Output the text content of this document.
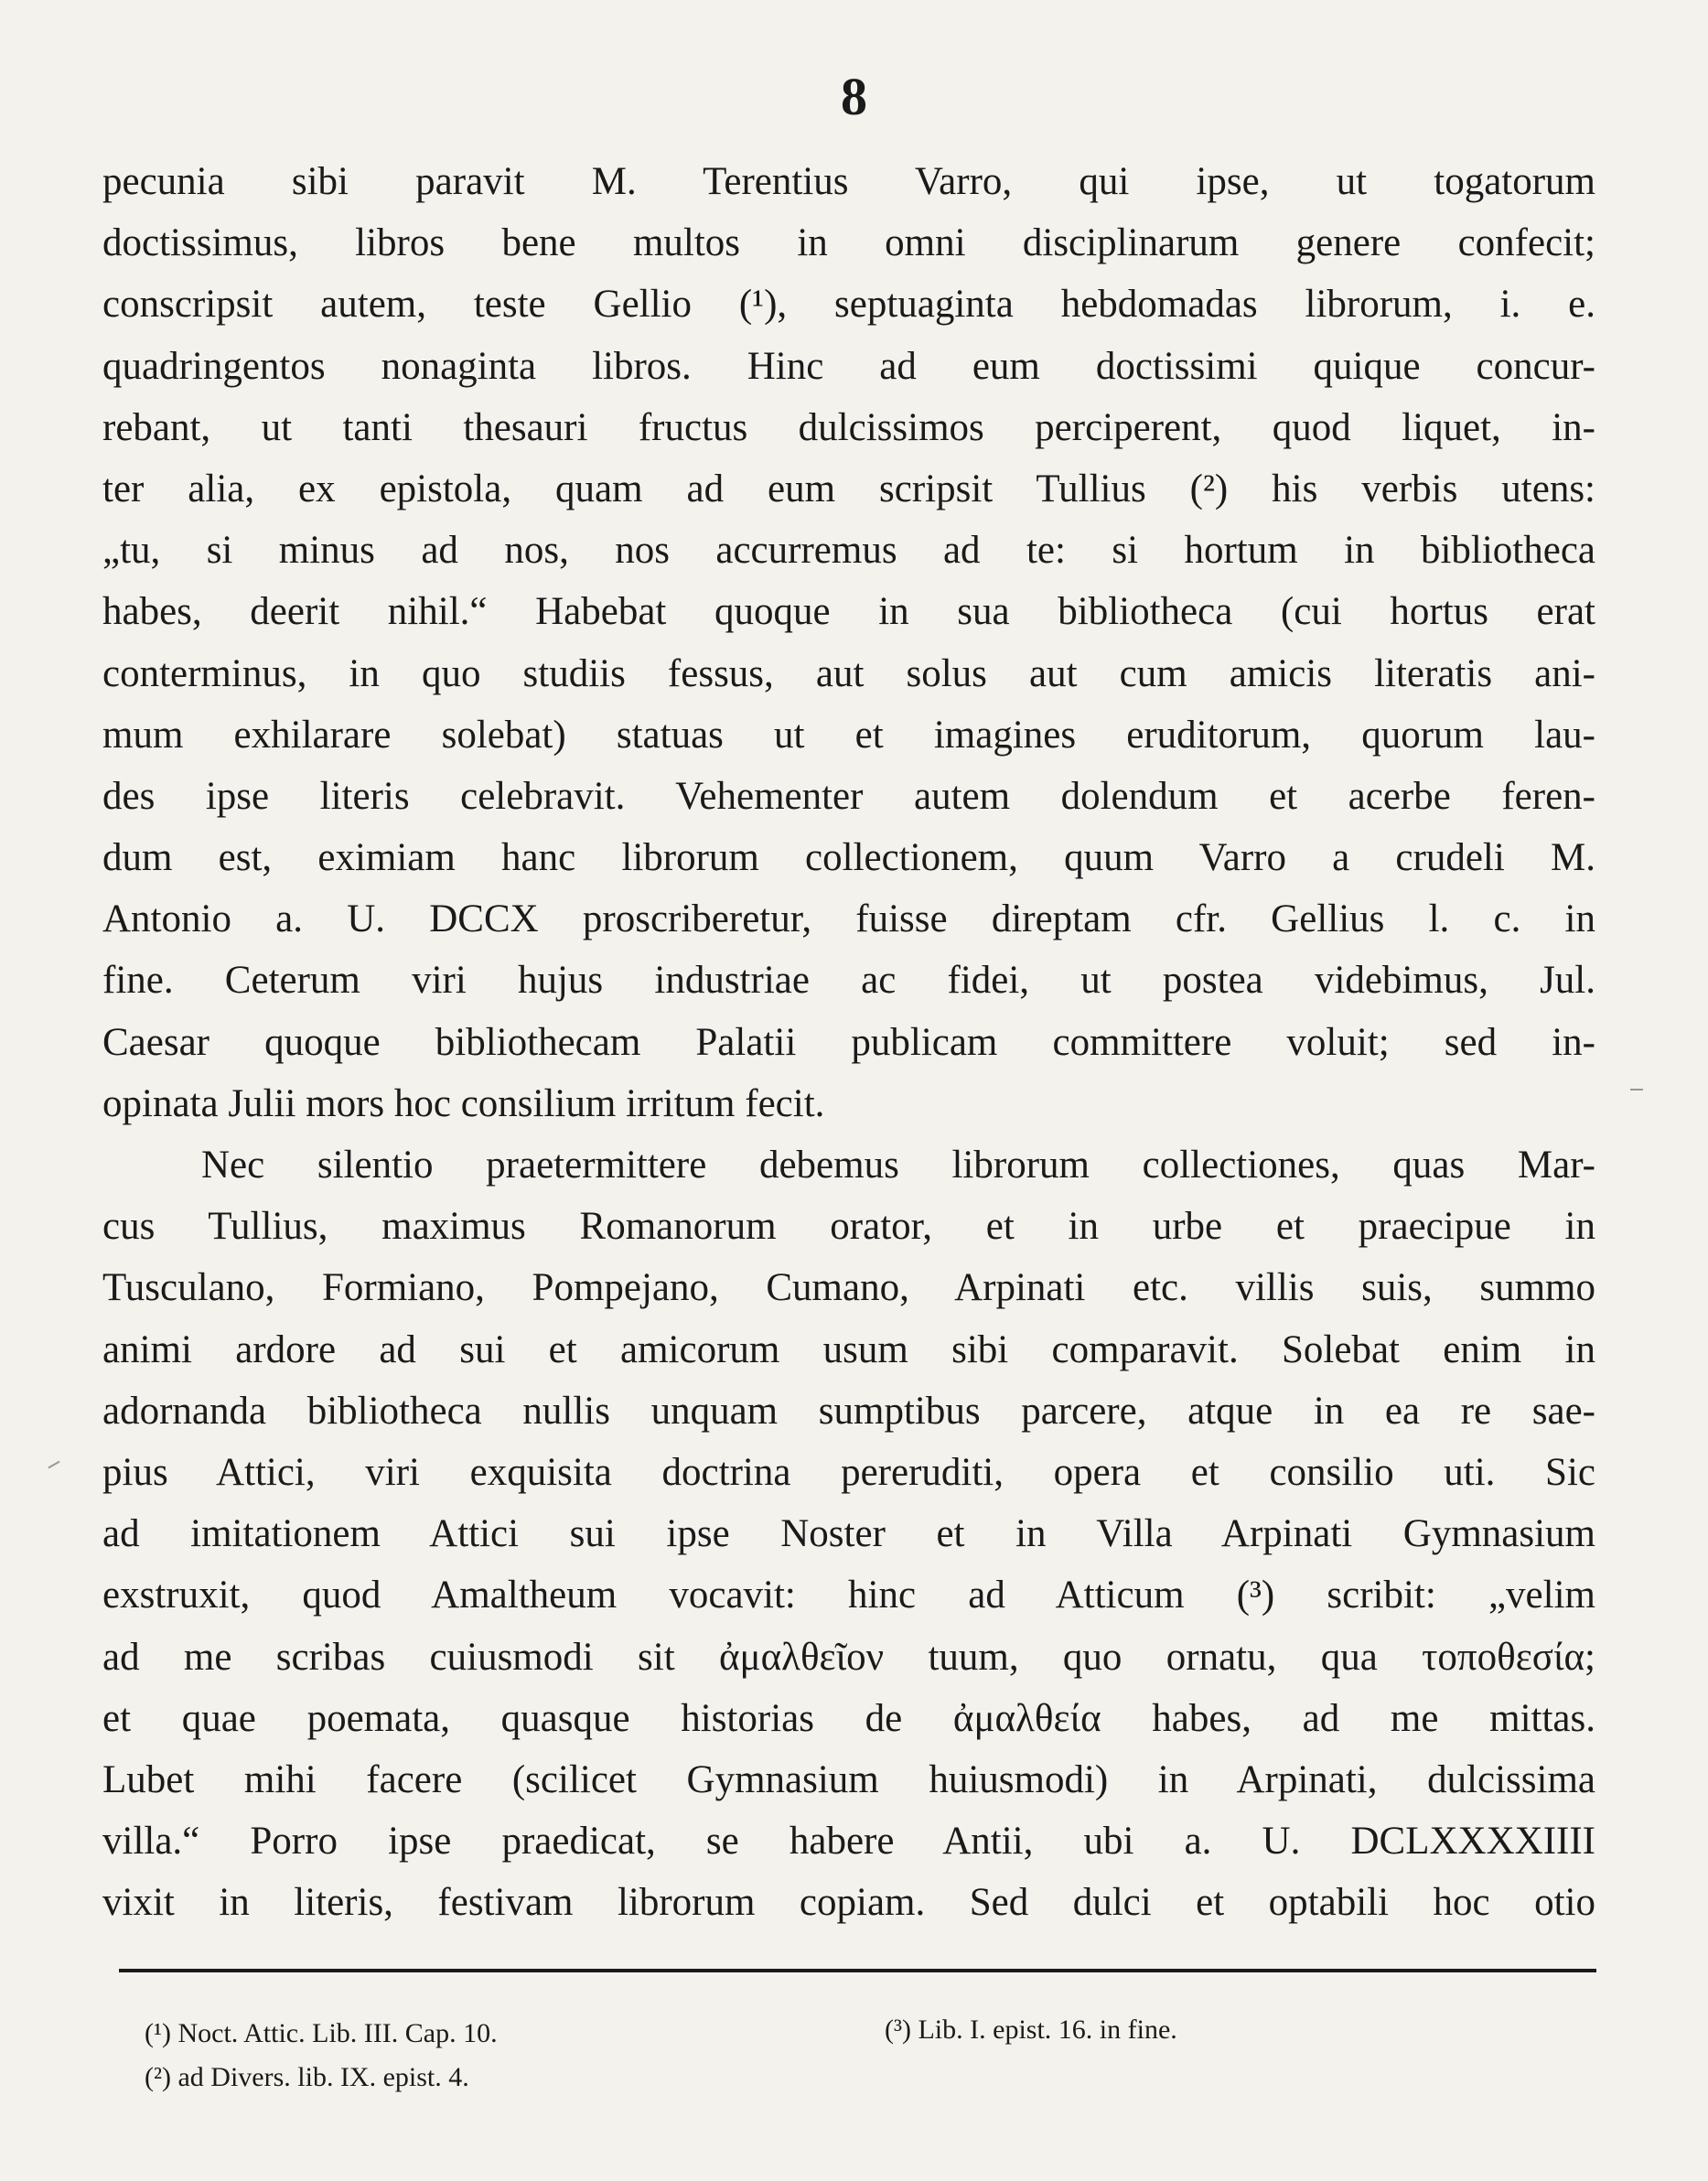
8
pecunia sibi paravit M. Terentius Varro, qui ipse, ut togatorum
doctissimus, libros bene multos in omni disciplinarum genere confecit;
conscripsit autem, teste Gellio (¹), septuaginta hebdomadas librorum, i. e.
quadringentos nonaginta libros. Hinc ad eum doctissimi quique concur-
rebant, ut tanti thesauri fructus dulcissimos perciperent, quod liquet, in-
ter alia, ex epistola, quam ad eum scripsit Tullius (²) his verbis utens:
„tu, si minus ad nos, nos accurremus ad te: si hortum in bibliotheca
habes, deerit nihil.“ Habebat quoque in sua bibliotheca (cui hortus erat
conterminus, in quo studiis fessus, aut solus aut cum amicis literatis ani-
mum exhilarare solebat) statuas ut et imagines eruditorum, quorum lau-
des ipse literis celebravit. Vehementer autem dolendum et acerbe feren-
dum est, eximiam hanc librorum collectionem, quum Varro a crudeli M.
Antonio a. U. DCCX proscriberetur, fuisse direptam cfr. Gellius l. c. in
fine. Ceterum viri hujus industriae ac fidei, ut postea videbimus, Jul.
Caesar quoque bibliothecam Palatii publicam committere voluit; sed in-
opinata Julii mors hoc consilium irritum fecit.
Nec silentio praetermittere debemus librorum collectiones, quas Mar-
cus Tullius, maximus Romanorum orator, et in urbe et praecipue in
Tusculano, Formiano, Pompejano, Cumano, Arpinati etc. villis suis, summo
animi ardore ad sui et amicorum usum sibi comparavit. Solebat enim in
adornanda bibliotheca nullis unquam sumptibus parcere, atque in ea re sae-
pius Attici, viri exquisita doctrina pereruditi, opera et consilio uti. Sic
ad imitationem Attici sui ipse Noster et in Villa Arpinati Gymnasium
exstruxit, quod Amaltheum vocavit: hinc ad Atticum (³) scribit: „velim
ad me scribas cuiusmodi sit ἀμαλθεῖον tuum, quo ornatu, qua τοποθεσία;
et quae poemata, quasque historias de ἀμαλθεία habes, ad me mittas.
Lubet mihi facere (scilicet Gymnasium huiusmodi) in Arpinati, dulcissima
villa.“ Porro ipse praedicat, se habere Antii, ubi a. U. DCLXXXXIIII
vixit in literis, festivam librorum copiam. Sed dulci et optabili hoc otio
(¹) Noct. Attic. Lib. III. Cap. 10.
(²) ad Divers. lib. IX. epist. 4.
(³) Lib. I. epist. 16. in fine.
